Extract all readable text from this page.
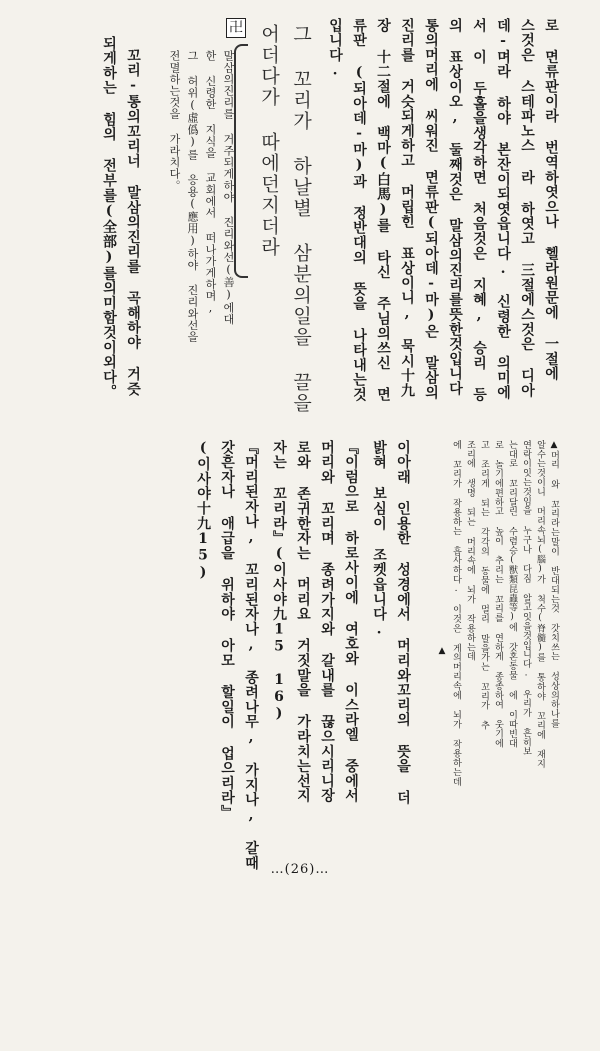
로 면류판이라 번역하엿으나 헬라원문에 一절에
스것은 스테파노스 라 하엿고 三절에스것은 디아
데-며라 하야 본잔이되엿읍니다. 신령한 의미에
서 이 두홀을생각하면 처음것은 지혜, 승리 등
의 표상이오, 둘째것은 말삼의진리를뜻한것입니다
통의머리에 씨워진 면류판(되아데-마)은 말삼의
진리를 거슷되게하고 머립힌 표상이니, 묵시十九
장 十二절에 백마(白馬)를 타신 주님의쓰신 면
류판 (되아데-마)과 정반대의 뜻을 나타내는것
입니다.
그 꼬리가 하날별 삼분의일을 끌을
어더다가 따에던지더라
卍
말삼의진리를 거주되게하야 진리와선(善)에대
한 신령한 지식을 교회에서 떠나가게하며,
그 허위(虛僞)를 응용(應用)하야 진리와선을
전멸하는것을 가라치다。
꼬리-통의꼬리너 말삼의진리를 곡해하야 거즛
되게하는 힘의 전부를(全部)를의미함것이외다。
▲머리 와 꼬리라는말이 반대되는것 갓치쓰는 성상의하나를
알수는것이니 머리속뇌(腦)가 척수(脊髓)를 통하야 꼬리에 재지
연락이잇는것임을 누구나 다짐 알고잇을것입니다. 우리가 흔히보
는대로 꼬리달린 수렴승(獸類昆蟲等)에 갓혼동물 에 이따빈대
로 놀기에편하고 높이 추리는 꼬리를 연하게 종종하여 웃기에
고 조리게 되는 각각의 동물에 멀리 말을가는 꼬리가 추
조리에 생명 되는 머리속에 뇌가 작용하는데
에 꼬리가 작용하는 흡사하다. 이것은 게의머리속에 뇌가 작용하는데
▲
이아래 인용한 성경에서 머리와꼬리의 뜻을 더
밝혀 보심이 조켓읍니다.
『이럼으로 하로사이에 여호와 이스라엘 중에서
머리와 꼬리며 종려가지와 갈내를 끊으시리니장
로와 존귀한자는 머리요 거짓말을 가라치는선지
자는 꼬리라』(이사야九15 16)
『머리된자나, 꼬리된자나, 종려나무, 가지나, 갈때
갓흔자나 애급을 위하야 아모 할일이 업으리라』
(이사야十九15)
…(26)…
